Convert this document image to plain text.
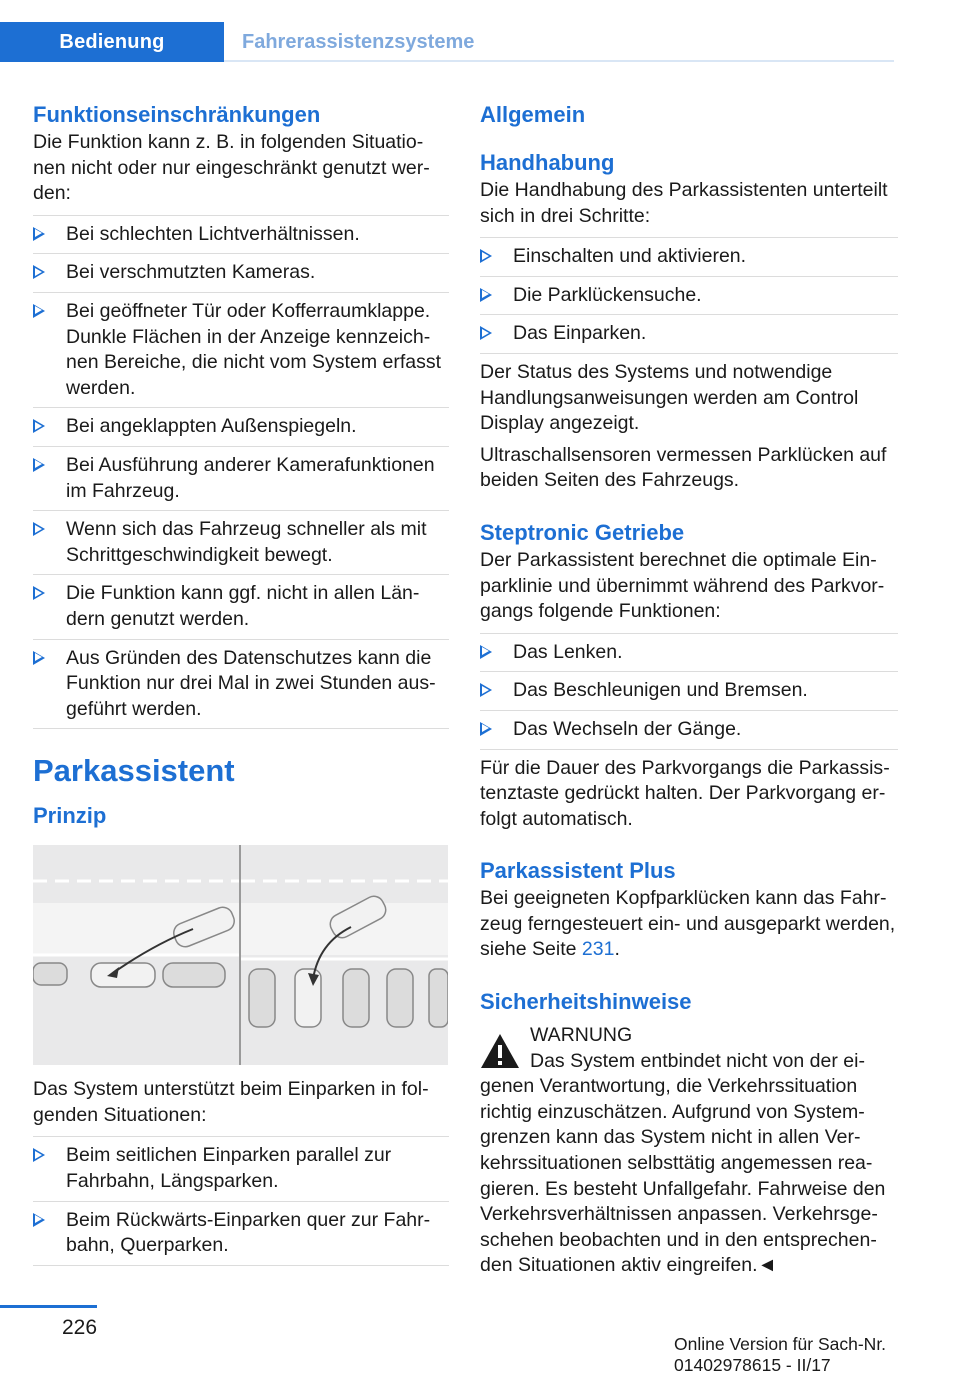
Bedienung	Fahrerassistenzsysteme
Funktionseinschränkungen

Die Funktion kann z. B. in folgenden Situationen nicht oder nur eingeschränkt genutzt werden:

Bei schlechten Lichtverhältnissen.
Bei verschmutzten Kameras.
Bei geöffneter Tür oder Kofferraumklappe. Dunkle Flächen in der Anzeige kennzeichnen Bereiche, die nicht vom System erfasst werden.
Bei angeklappten Außenspiegeln.
Bei Ausführung anderer Kamerafunktionen im Fahrzeug.
Wenn sich das Fahrzeug schneller als mit Schrittgeschwindigkeit bewegt.
Die Funktion kann ggf. nicht in allen Ländern genutzt werden.
Aus Gründen des Datenschutzes kann die Funktion nur drei Mal in zwei Stunden ausgeführt werden.
Parkassistent
Prinzip

Das System unterstützt beim Einparken in folgenden Situationen:

Beim seitlichen Einparken parallel zur Fahrbahn, Längsparken.
Beim Rückwärts-Einparken quer zur Fahrbahn, Querparken.
Allgemein
Handhabung

Die Handhabung des Parkassistenten unterteilt sich in drei Schritte:

Einschalten und aktivieren.
Die Parklückensuche.
Das Einparken.

Der Status des Systems und notwendige Handlungsanweisungen werden am Control Display angezeigt.

Ultraschallsensoren vermessen Parklücken auf beiden Seiten des Fahrzeugs.

Steptronic Getriebe

Der Parkassistent berechnet die optimale Einparklinie und übernimmt während des Parkvorgangs folgende Funktionen:

Das Lenken.
Das Beschleunigen und Bremsen.
Das Wechseln der Gänge.

Für die Dauer des Parkvorgangs die Parkassistenztaste gedrückt halten. Der Parkvorgang erfolgt automatisch.

Parkassistent Plus

Bei geeigneten Kopfparklücken kann das Fahrzeug ferngesteuert ein- und ausgeparkt werden, siehe Seite 231.

Sicherheitshinweise

WARNUNG

Das System entbindet nicht von der eigenen Verantwortung, die Verkehrssituation richtig einzuschätzen. Aufgrund von Systemgrenzen kann das System nicht in allen Verkehrssituationen selbsttätig angemessen reagieren. Es besteht Unfallgefahr. Fahrweise den Verkehrsverhältnissen anpassen. Verkehrsgeschehen beobachten und in den entsprechenden Situationen aktiv eingreifen.◄

226
Online Version für Sach-Nr. 01402978615 - II/17
